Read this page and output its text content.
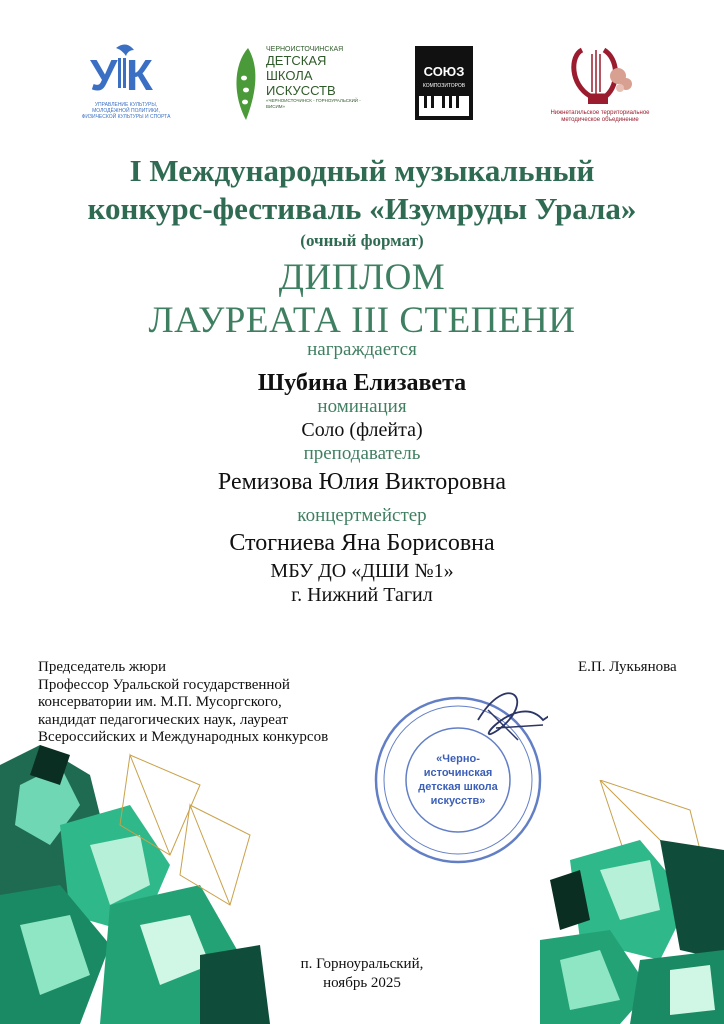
У К
УПРАВЛЕНИЕ КУЛЬТУРЫ, МОЛОДЁЖНОЙ ПОЛИТИКИ, ФИЗИЧЕСКОЙ КУЛЬТУРЫ И СПОРТА
ЧЕРНОИСТОЧИНСКАЯ
ДЕТСКАЯ
ШКОЛА
ИСКУССТВ
«ЧЕРНОИСТОЧИНСК - ГОРНОУРАЛЬСКИЙ - ВИСИМ»
СОЮЗ
КОМПОЗИТОРОВ
Нижнетагильское территориальное методическое объединение
I Международный музыкальный
конкурс-фестиваль «Изумруды Урала»
(очный формат)
ДИПЛОМ
ЛАУРЕАТА III СТЕПЕНИ
награждается
Шубина Елизавета
номинация
Соло (флейта)
преподаватель
Ремизова Юлия Викторовна
концертмейстер
Стогниева Яна Борисовна
МБУ ДО «ДШИ №1»
г. Нижний Тагил
Председатель жюри
Профессор Уральской государственной
консерватории им. М.П. Мусоргского,
кандидат педагогических наук, лауреат
Всероссийских и Международных конкурсов
Е.П. Лукьянова
«Черно-
источинская
детская школа
искусств»
п. Горноуральский,
ноябрь 2025
